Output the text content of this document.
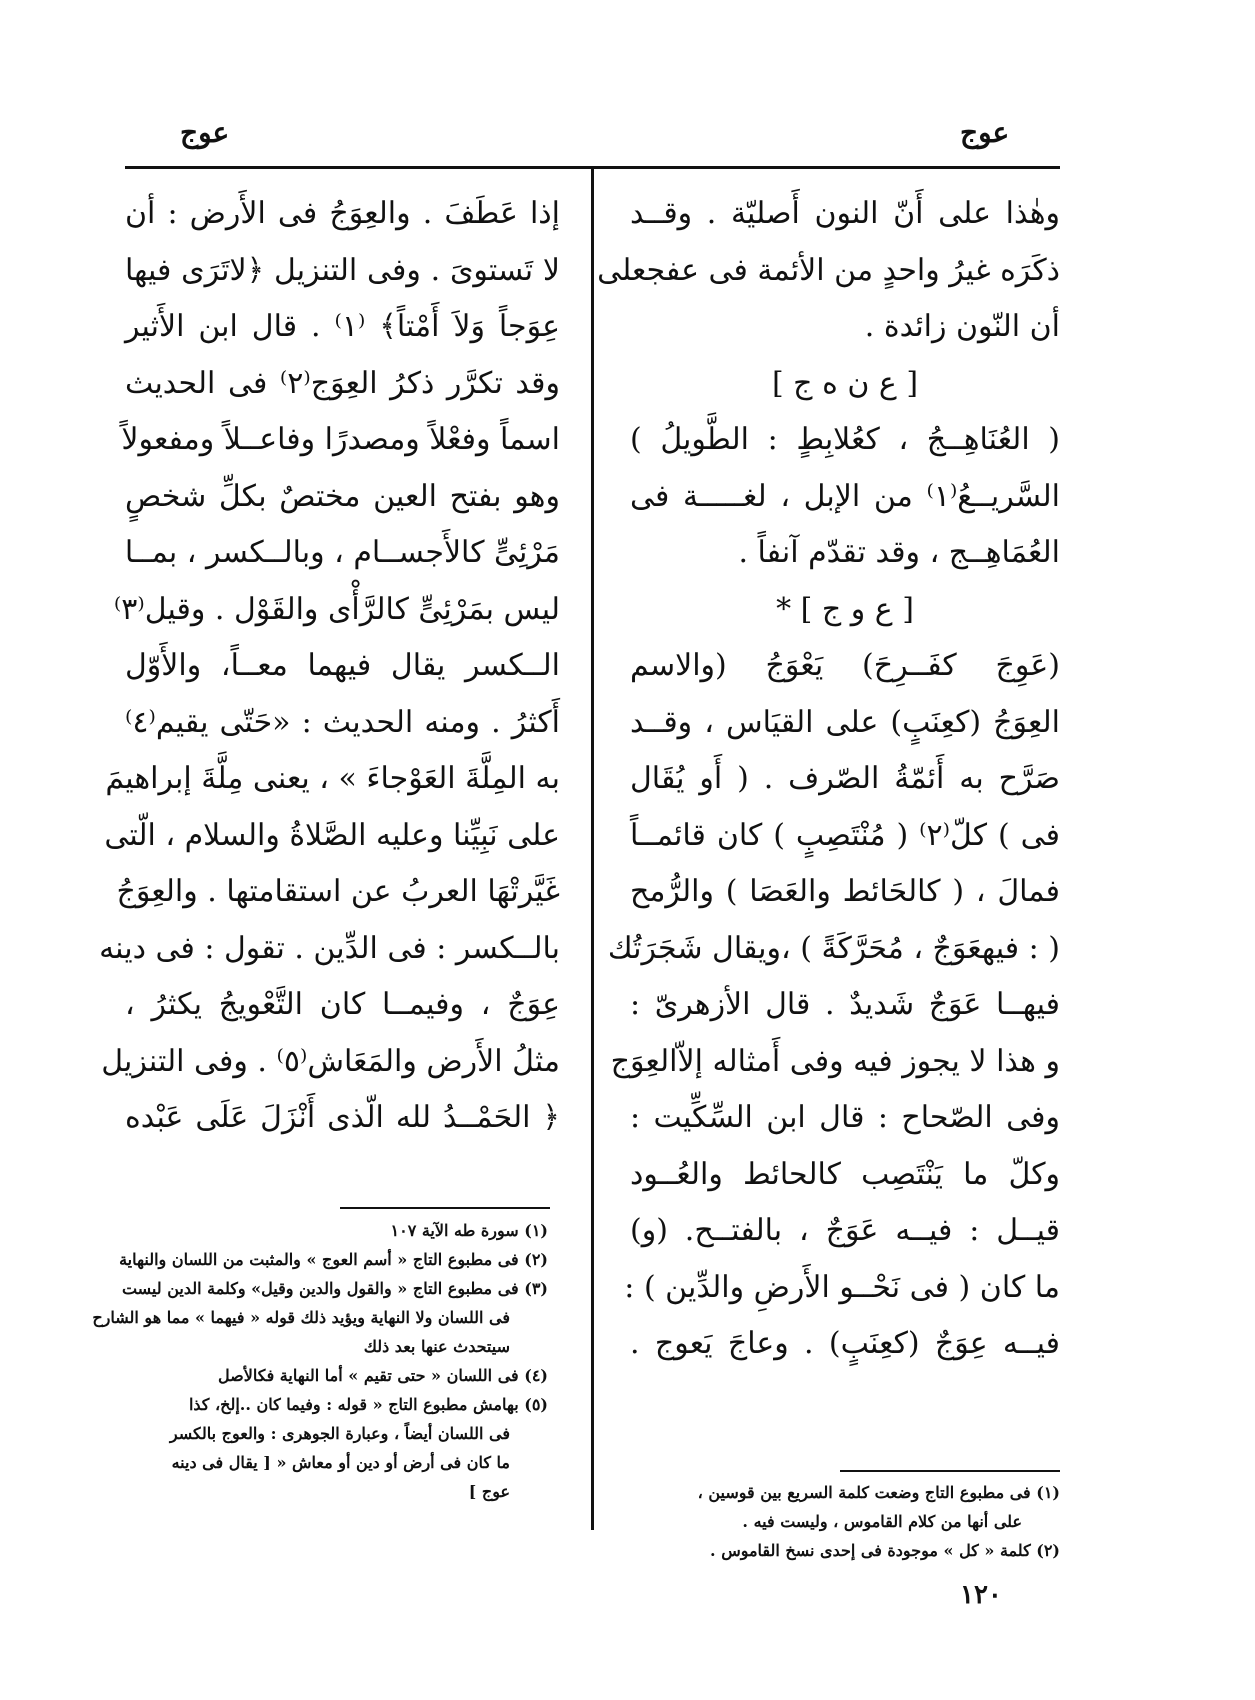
عوج
عوج
وهٰذا على أَنّ النون أَصليّة . وقــد
ذكَرَه غيرُ واحدٍ من الأئمة فى عفجعلى
أن النّون زائدة .
[ ع ن ه ج ]
( العُنَاهِــجُ ، كعُلابِطٍ : الطَّويلُ )
السَّريــعُ⁽١⁾ من الإبل ، لغـــــة فى
العُمَاهِــج ، وقد تقدّم آنفاً .
[ ع و ج ] *
(عَوِجَ كفَــرِحَ) يَعْوَجُ (والاسم
العِوَجُ (كعِنَبٍ) على القيَاس ، وقــد
صَرَّح به أَئمّةُ الصّرف . ( أَو يُقَال
فى ) كلّ⁽٢⁾ ( مُنْتَصِبٍ ) كان قائمــاً
فمالَ ، ( كالحَائط والعَصَا ) والرُّمح
( : فيهعَوَجٌ ، مُحَرَّكَةً ) ،ويقال شَجَرَتُك
فيهــا عَوَجٌ شَديدٌ . قال الأزهرىّ :
و هذا لا يجوز فيه وفى أَمثاله إلاّالعِوَج
وفى الصّحاح : قال ابن السِّكِّيت :
وكلّ ما يَنْتَصِب كالحائط والعُــود
قيــل : فيــه عَوَجٌ ، بالفتــح. (و)
ما كان ( فى نَحْــو الأَرضِ والدِّين ) :
فيــه عِوَجٌ (كعِنَبٍ) . وعاجَ يَعوج .
إذا عَطَفَ . والعِوَجُ فى الأَرض : أن
لا تَستوىَ . وفى التنزيل ﴿لاتَرَى فيها
عِوَجاً وَلاَ أَمْتاً﴾ ⁽١⁾ . قال ابن الأَثير
وقد تكرَّر ذكرُ العِوَج⁽٢⁾ فى الحديث
اسماً وفعْلاً ومصدرًا وفاعــلاً ومفعولاً
وهو بفتح العين مختصٌ بكلِّ شخصٍ
مَرْئِىٍّ كالأَجســام ، وبالــكسر ، بمــا
ليس بمَرْئِىٍّ كالرَّأْى والقَوْل . وقيل⁽٣⁾
الــكسر يقال فيهما معــاً، والأَوّل
أَكثرُ . ومنه الحديث : «حَتّى يقيم⁽٤⁾
به المِلَّةَ العَوْجاءَ » ، يعنى مِلَّةَ إبراهيمَ
على نَبِيِّنا وعليه الصَّلاةُ والسلام ، الّتى
غَيَّرتْهَا العربُ عن استقامتها . والعِوَجُ
بالــكسر : فى الدِّين . تقول : فى دينه
عِوَجٌ ، وفيمــا كان التَّعْويجُ يكثرُ ،
مثلُ الأَرض والمَعَاش⁽٥⁾ . وفى التنزيل
﴿ الحَمْــدُ لله الّذى أَنْزَلَ عَلَى عَبْده
(١) سورة طه الآية ١٠٧
(٢) فى مطبوع التاج « أسم العوج » والمثبت من اللسان والنهاية
(٣) فى مطبوع التاج « والقول والدين وقيل» وكلمة الدين ليست
فى اللسان ولا النهاية ويؤيد ذلك قوله « فيهما » مما هو الشارح
سيتحدث عنها بعد ذلك
(٤) فى اللسان « حتى تقيم » أما النهاية فكالأصل
(٥) بهامش مطبوع التاج « قوله : وفيما كان ..إلخ، كذا
فى اللسان أيضاً ، وعبارة الجوهرى : والعوج بالكسر
ما كان فى أرض أو دين أو معاش « [ يقال فى دينه
عوج ]	(١) فى مطبوع التاج وضعت كلمة السريع بين قوسين ،
على أنها من كلام القاموس ، وليست فيه .
(٢) كلمة « كل » موجودة فى إحدى نسخ القاموس .
١٢٠
